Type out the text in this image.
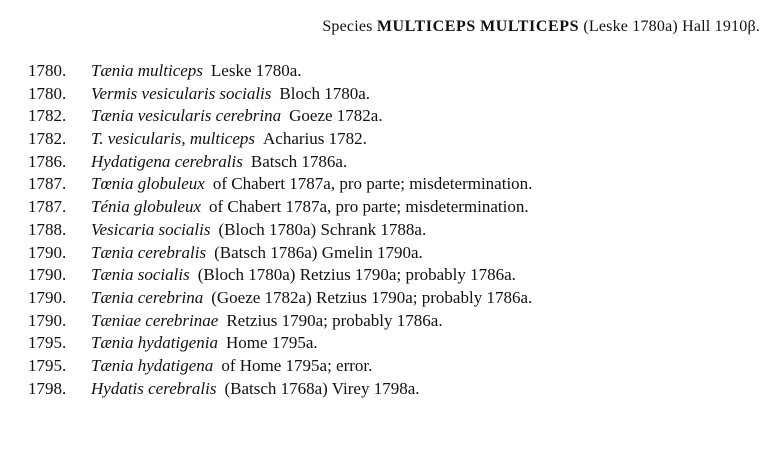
Species MULTICEPS MULTICEPS (Leske 1780a) Hall 1910β.
1780.	Tænia multiceps Leske 1780a.
1780.	Vermis vesicularis socialis Bloch 1780a.
1782.	Tænia vesicularis cerebrina Goeze 1782a.
1782.	T. vesicularis, multiceps Acharius 1782.
1786.	Hydatigena cerebralis Batsch 1786a.
1787.	Tœnia globuleux of Chabert 1787a, pro parte; misdetermination.
1787.	Ténia globuleux of Chabert 1787a, pro parte; misdetermination.
1788.	Vesicaria socialis (Bloch 1780a) Schrank 1788a.
1790.	Tænia cerebralis (Batsch 1786a) Gmelin 1790a.
1790.	Tænia socialis (Bloch 1780a) Retzius 1790a; probably 1786a.
1790.	Tænia cerebrina (Goeze 1782a) Retzius 1790a; probably 1786a.
1790.	Tæniae cerebrinae Retzius 1790a; probably 1786a.
1795.	Tænia hydatigenia Home 1795a.
1795.	Tænia hydatigena of Home 1795a; error.
1798.	Hydatis cerebralis (Batsch 1768a) Virey 1798a.
